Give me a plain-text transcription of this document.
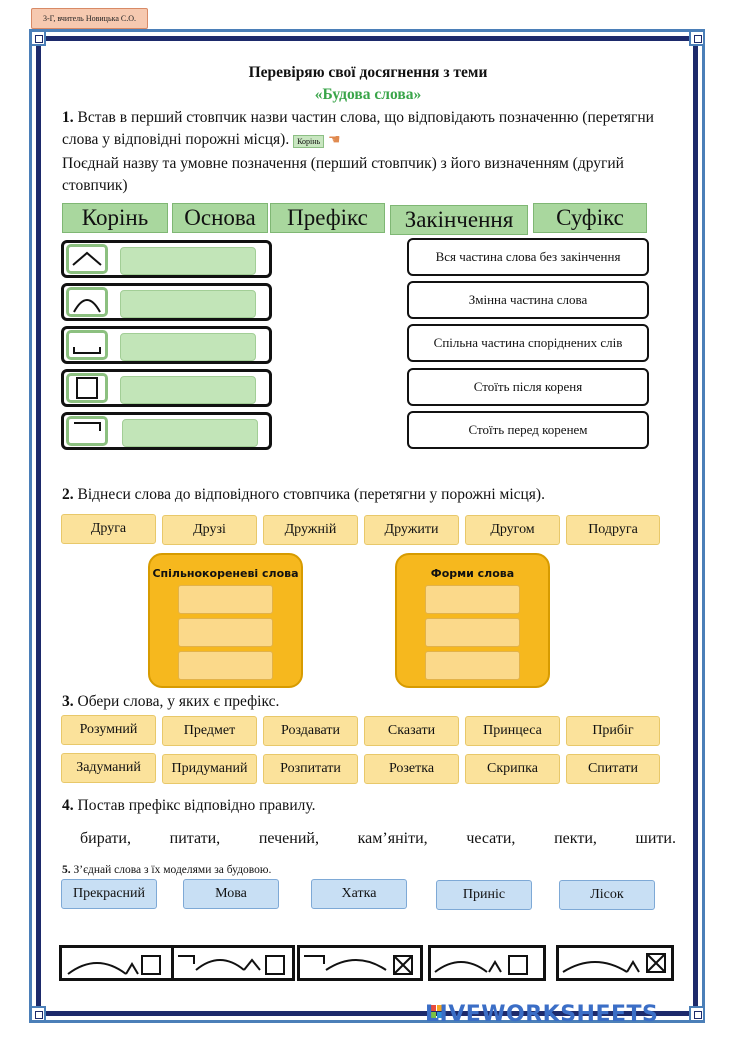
3-Г, вчитель Новицька С.О.
Перевіряю свої досягнення з теми
«Будова слова»
1. Встав в перший стовпчик назви частин слова, що відповідають позначенню (перетягни слова у відповідні порожні місця). Корінь ☚
Поєднай назву та умовне позначення (перший стовпчик) з його визначенням (другий стовпчик)
Корінь	Основа	Префікс	Закінчення	Суфікс
Вся частина слова без закінчення
Змінна частина слова
Спільна частина споріднених слів
Стоїть після кореня
Стоїть перед коренем
2. Віднеси слова до відповідного стовпчика (перетягни у порожні місця).
Друга	Друзі	Дружній	Дружити	Другом	Подруга
Спільнокореневі слова	Форми слова
3. Обери слова, у яких є префікс.
Розумний	Предмет	Роздавати	Сказати	Принцеса	Прибіг
Задуманий	Придуманий	Розпитати	Розетка	Скрипка	Спитати
4. Постав префікс відповідно правилу.
бирати, питати, печений, кам’яніти, чесати, пекти, шити.
5. З’єднай слова з їх моделями за будовою.
Прекрасний	Мова	Хатка	Приніс	Лісок
LIVEWORKSHEETS
